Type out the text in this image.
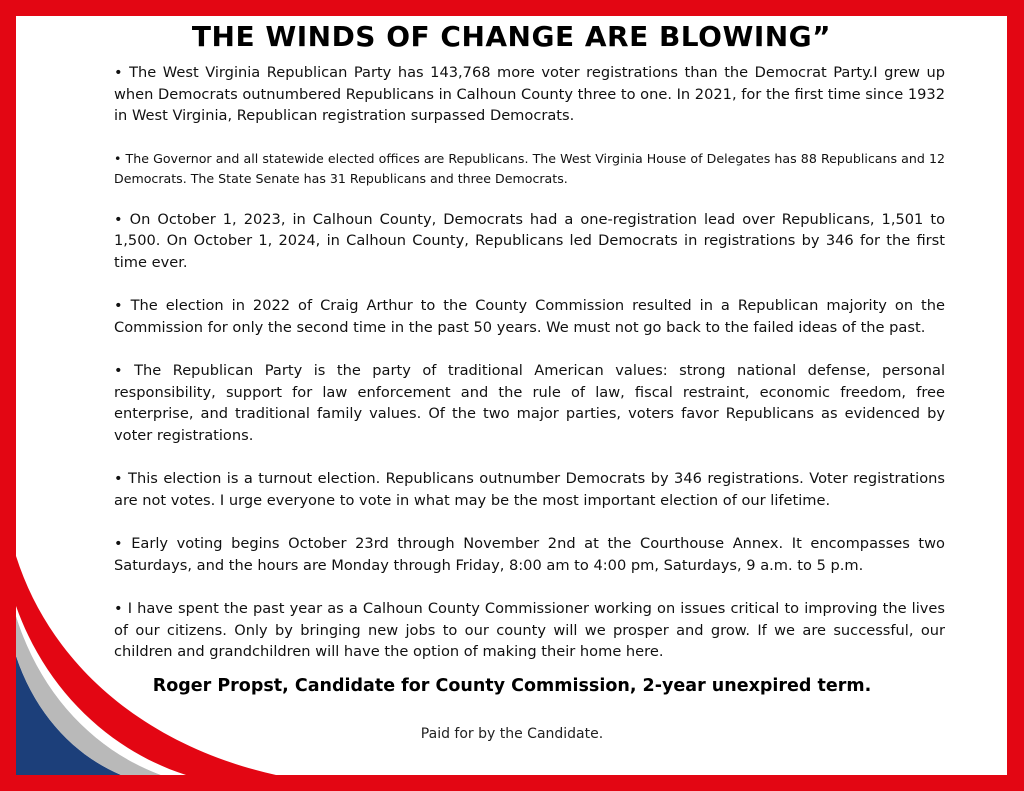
THE WINDS OF CHANGE ARE BLOWING”

• The West Virginia Republican Party has 143,768 more voter registrations than the Democrat Party.I grew up when Democrats outnumbered Republicans in Calhoun County three to one. In 2021, for the first time since 1932 in West Virginia, Republican registration surpassed Democrats.

• The Governor and all statewide elected offices are Republicans. The West Virginia House of Delegates has 88 Republicans and 12 Democrats. The State Senate has 31 Republicans and three Democrats.

• On October 1, 2023, in Calhoun County, Democrats had a one-registration lead over Republicans, 1,501 to 1,500. On October 1, 2024, in Calhoun County, Republicans led Democrats in registrations by 346 for the first time ever.

• The election in 2022 of Craig Arthur to the County Commission resulted in a Republican majority on the Commission for only the second time in the past 50 years. We must not go back to the failed ideas of the past.

• The Republican Party is the party of traditional American values: strong national defense, personal responsibility, support for law enforcement and the rule of law, fiscal restraint, economic freedom, free enterprise, and traditional family values. Of the two major parties, voters favor Republicans as evidenced by voter registrations.

• This election is a turnout election. Republicans outnumber Democrats by 346 registrations. Voter registrations are not votes. I urge everyone to vote in what may be the most important election of our lifetime.

• Early voting begins October 23rd through November 2nd at the Courthouse Annex. It encompasses two Saturdays, and the hours are Monday through Friday, 8:00 am to 4:00 pm, Saturdays, 9 a.m. to 5 p.m.

• I have spent the past year as a Calhoun County Commissioner working on issues critical to improving the lives of our citizens. Only by bringing new jobs to our county will we prosper and grow. If we are successful, our children and grandchildren will have the option of making their home here.

Roger Propst, Candidate for County Commission, 2-year unexpired term.

Paid for by the Candidate.
